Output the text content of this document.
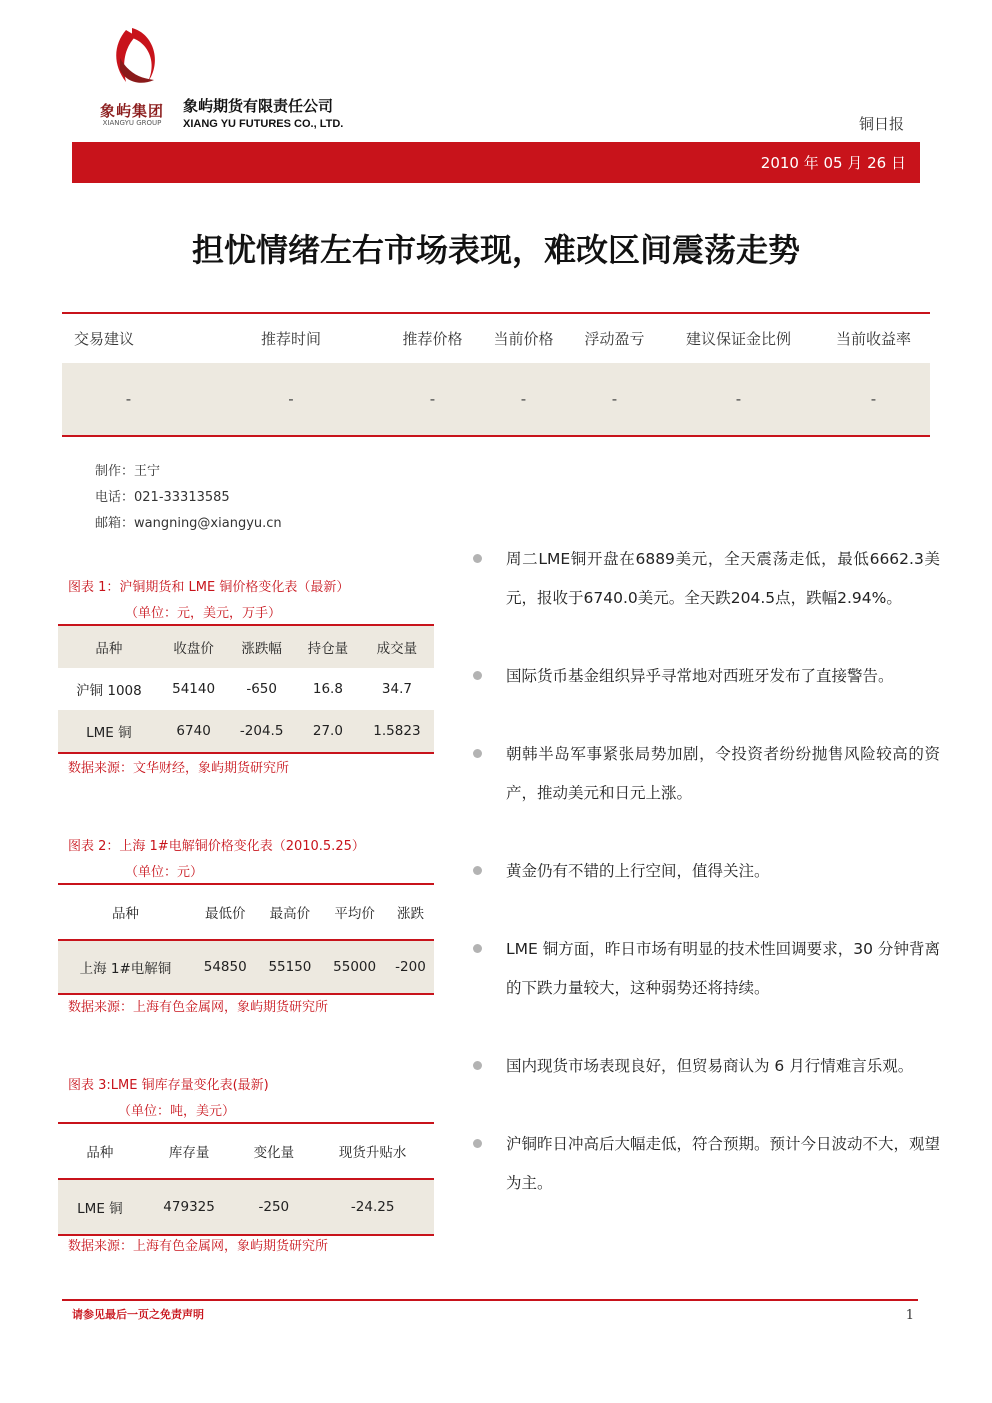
象屿集团
XIANGYU GROUP
象屿期货有限责任公司
XIANG YU FUTURES CO., LTD.	铜日报
2010 年 05 月 26 日
担忧情绪左右市场表现，难改区间震荡走势
交易建议	推荐时间	推荐价格	当前价格	浮动盈亏	建议保证金比例	当前收益率
-	-	-	-	-	-	-
制作：王宁
电话：021-33313585
邮箱：wangning@xiangyu.cn
图表 1：沪铜期货和 LME 铜价格变化表（最新）
（单位：元，美元，万手）
品种	收盘价	涨跌幅	持仓量	成交量
沪铜 1008	54140	-650	16.8	34.7
LME 铜	6740	-204.5	27.0	1.5823
数据来源：文华财经，象屿期货研究所
图表 2：上海 1#电解铜价格变化表（2010.5.25）
（单位：元）
品种	最低价	最高价	平均价	涨跌
上海 1#电解铜	54850	55150	55000	-200
数据来源：上海有色金属网，象屿期货研究所
图表 3:LME 铜库存量变化表(最新)
（单位：吨，美元）
品种	库存量	变化量	现货升贴水
LME 铜	479325	-250	-24.25
数据来源：上海有色金属网，象屿期货研究所
周二LME铜开盘在6889美元，全天震荡走低，最低6662.3美元，报收于6740.0美元。全天跌204.5点，跌幅2.94%。
国际货币基金组织异乎寻常地对西班牙发布了直接警告。
朝韩半岛军事紧张局势加剧，令投资者纷纷抛售风险较高的资产，推动美元和日元上涨。
黄金仍有不错的上行空间，值得关注。
LME 铜方面，昨日市场有明显的技术性回调要求，30 分钟背离的下跌力量较大，这种弱势还将持续。
国内现货市场表现良好，但贸易商认为 6 月行情难言乐观。
沪铜昨日冲高后大幅走低，符合预期。预计今日波动不大，观望为主。
请参见最后一页之免责声明	1
